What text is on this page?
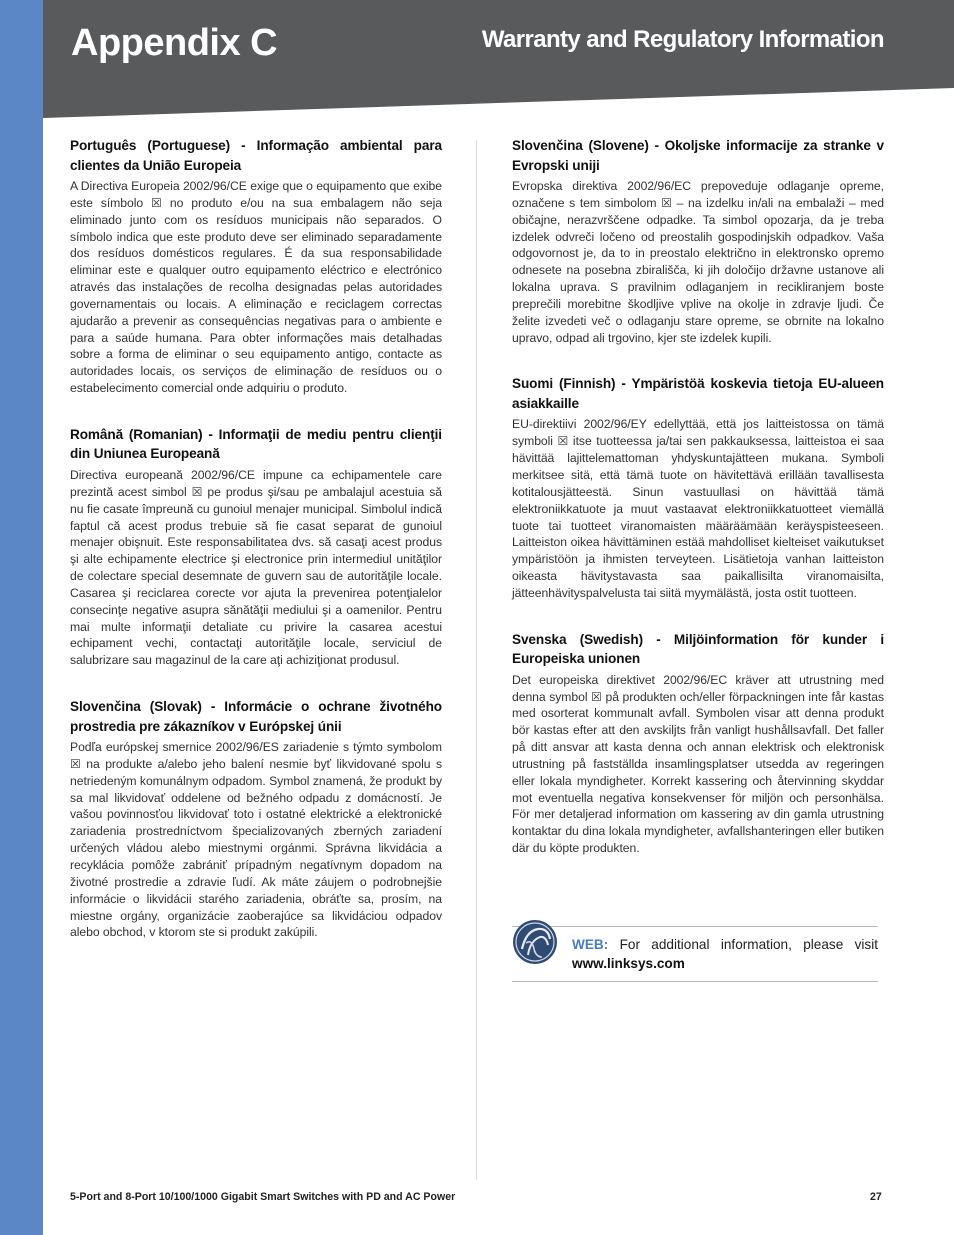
Appendix C	Warranty and Regulatory Information
Português (Portuguese) - Informação ambiental para clientes da União Europeia

A Directiva Europeia 2002/96/CE exige que o equipamento que exibe este símbolo ☒ no produto e/ou na sua embalagem não seja eliminado junto com os resíduos municipais não separados. O símbolo indica que este produto deve ser eliminado separadamente dos resíduos domésticos regulares. É da sua responsabilidade eliminar este e qualquer outro equipamento eléctrico e electrónico através das instalações de recolha designadas pelas autoridades governamentais ou locais. A eliminação e reciclagem correctas ajudarão a prevenir as consequências negativas para o ambiente e para a saúde humana. Para obter informações mais detalhadas sobre a forma de eliminar o seu equipamento antigo, contacte as autoridades locais, os serviços de eliminação de resíduos ou o estabelecimento comercial onde adquiriu o produto.

Română (Romanian) - Informaţii de mediu pentru clienţii din Uniunea Europeană

Directiva europeană 2002/96/CE impune ca echipamentele care prezintă acest simbol ☒ pe produs şi/sau pe ambalajul acestuia să nu fie casate împreună cu gunoiul menajer municipal. Simbolul indică faptul că acest produs trebuie să fie casat separat de gunoiul menajer obişnuit. Este responsabilitatea dvs. să casaţi acest produs şi alte echipamente electrice şi electronice prin intermediul unităţilor de colectare special desemnate de guvern sau de autorităţile locale. Casarea şi reciclarea corecte vor ajuta la prevenirea potenţialelor consecinţe negative asupra sănătăţii mediului şi a oamenilor. Pentru mai multe informaţii detaliate cu privire la casarea acestui echipament vechi, contactaţi autorităţile locale, serviciul de salubrizare sau magazinul de la care aţi achiziţionat produsul.

Slovenčina (Slovak) - Informácie o ochrane životného prostredia pre zákazníkov v Európskej únii

Podľa európskej smernice 2002/96/ES zariadenie s týmto symbolom ☒ na produkte a/alebo jeho balení nesmie byť likvidované spolu s netriedeným komunálnym odpadom. Symbol znamená, že produkt by sa mal likvidovať oddelene od bežného odpadu z domácností. Je vašou povinnosťou likvidovať toto i ostatné elektrické a elektronické zariadenia prostredníctvom špecializovaných zberných zariadení určených vládou alebo miestnymi orgánmi. Správna likvidácia a recyklácia pomôže zabrániť prípadným negatívnym dopadom na životné prostredie a zdravie ľudí. Ak máte záujem o podrobnejšie informácie o likvidácii starého zariadenia, obráťte sa, prosím, na miestne orgány, organizácie zaoberajúce sa likvidáciou odpadov alebo obchod, v ktorom ste si produkt zakúpili.

Slovenčina (Slovene) - Okoljske informacije za stranke v Evropski uniji

Evropska direktiva 2002/96/EC prepoveduje odlaganje opreme, označene s tem simbolom ☒ – na izdelku in/ali na embalaži – med običajne, nerazvrščene odpadke. Ta simbol opozarja, da je treba izdelek odvreči ločeno od preostalih gospodinjskih odpadkov. Vaša odgovornost je, da to in preostalo električno in elektronsko opremo odnesete na posebna zbirališča, ki jih določijo državne ustanove ali lokalna uprava. S pravilnim odlaganjem in recikliranjem boste preprečili morebitne škodljive vplive na okolje in zdravje ljudi. Če želite izvedeti več o odlaganju stare opreme, se obrnite na lokalno upravo, odpad ali trgovino, kjer ste izdelek kupili.

Suomi (Finnish) - Ympäristöä koskevia tietoja EU-alueen asiakkaille

EU-direktiivi 2002/96/EY edellyttää, että jos laitteistossa on tämä symboli ☒ itse tuotteessa ja/tai sen pakkauksessa, laitteistoa ei saa hävittää lajittelemattoman yhdyskuntajätteen mukana. Symboli merkitsee sitä, että tämä tuote on hävitettävä erillään tavallisesta kotitalousjätteestä. Sinun vastuullasi on hävittää tämä elektroniikkatuote ja muut vastaavat elektroniikkatuotteet viemällä tuote tai tuotteet viranomaisten määräämään keräyspisteeseen. Laitteiston oikea hävittäminen estää mahdolliset kielteiset vaikutukset ympäristöön ja ihmisten terveyteen. Lisätietoja vanhan laitteiston oikeasta hävitystavasta saa paikallisilta viranomaisilta, jätteenhävityspalvelusta tai siitä myymälästä, josta ostit tuotteen.

Svenska (Swedish) - Miljöinformation för kunder i Europeiska unionen

Det europeiska direktivet 2002/96/EC kräver att utrustning med denna symbol ☒ på produkten och/eller förpackningen inte får kastas med osorterat kommunalt avfall. Symbolen visar att denna produkt bör kastas efter att den avskiljts från vanligt hushållsavfall. Det faller på ditt ansvar att kasta denna och annan elektrisk och elektronisk utrustning på fastställda insamlingsplatser utsedda av regeringen eller lokala myndigheter. Korrekt kassering och återvinning skyddar mot eventuella negativa konsekvenser för miljön och personhälsa. För mer detaljerad information om kassering av din gamla utrustning kontaktar du dina lokala myndigheter, avfallshanteringen eller butiken där du köpte produkten.

WEB: For additional information, please visit www.linksys.com

5-Port and 8-Port 10/100/1000 Gigabit Smart Switches with PD and AC Power	27
